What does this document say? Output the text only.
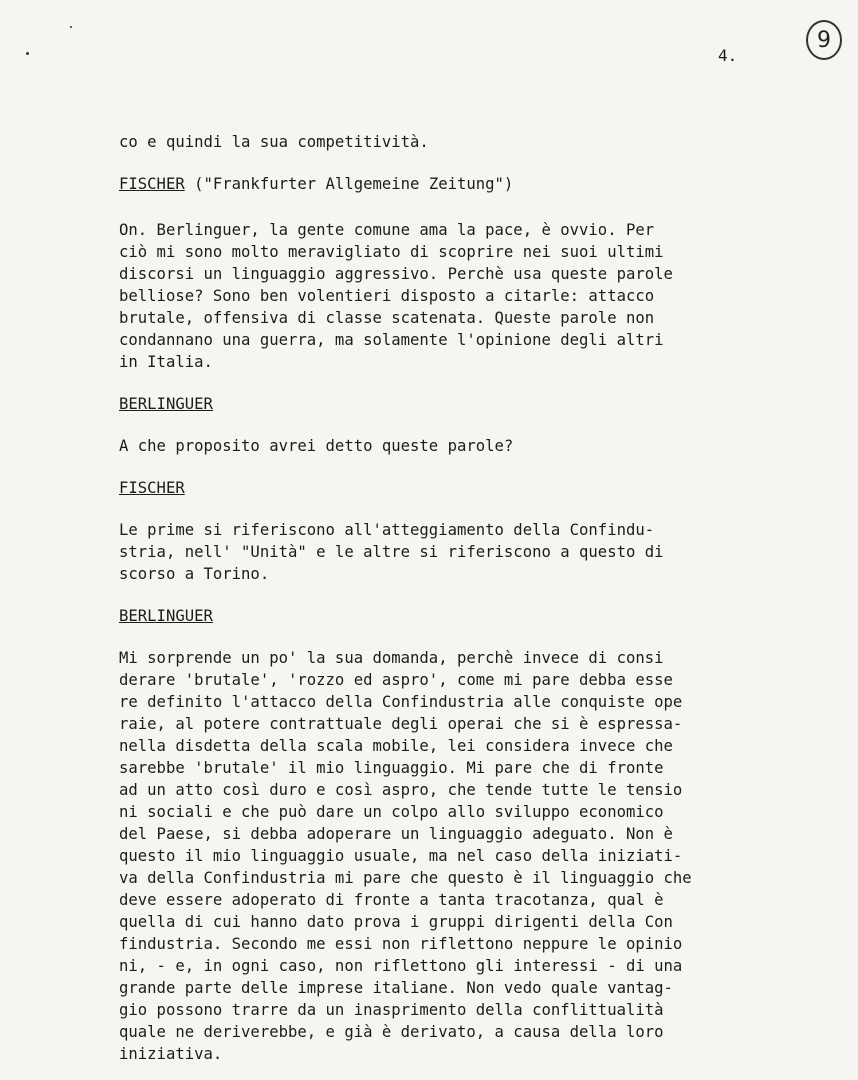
4.
9
co e quindi la sua competitività.
FISCHER ("Frankfurter Allgemeine Zeitung")
On. Berlinguer, la gente comune ama la pace, è ovvio. Per
ciò mi sono molto meravigliato di scoprire nei suoi ultimi
discorsi un linguaggio aggressivo. Perchè usa queste parole
belliose? Sono ben volentieri disposto a citarle: attacco
brutale, offensiva di classe scatenata. Queste parole non
condannano una guerra, ma solamente l'opinione degli altri
in Italia.
BERLINGUER
A che proposito avrei detto queste parole?
FISCHER
Le prime si riferiscono all'atteggiamento della Confindu-
stria, nell' "Unità" e le altre si riferiscono a questo di
scorso a Torino.
BERLINGUER
Mi sorprende un po' la sua domanda, perchè invece di consi
derare 'brutale', 'rozzo ed aspro', come mi pare debba esse
re definito l'attacco della Confindustria alle conquiste ope
raie, al potere contrattuale degli operai che si è espressa-
nella disdetta della scala mobile, lei considera invece che
sarebbe 'brutale' il mio linguaggio. Mi pare che di fronte
ad un atto così duro e così aspro, che tende tutte le tensio
ni sociali e che può dare un colpo allo sviluppo economico
del Paese, si debba adoperare un linguaggio adeguato. Non è
questo il mio linguaggio usuale, ma nel caso della iniziati-
va della Confindustria mi pare che questo è il linguaggio che
deve essere adoperato di fronte a tanta tracotanza, qual è
quella di cui hanno dato prova i gruppi dirigenti della Con
findustria. Secondo me essi non riflettono neppure le opinio
ni, - e, in ogni caso, non riflettono gli interessi - di una
grande parte delle imprese italiane. Non vedo quale vantag-
gio possono trarre da un inasprimento della conflittualità
quale ne deriverebbe, e già è derivato, a causa della loro
iniziativa.
